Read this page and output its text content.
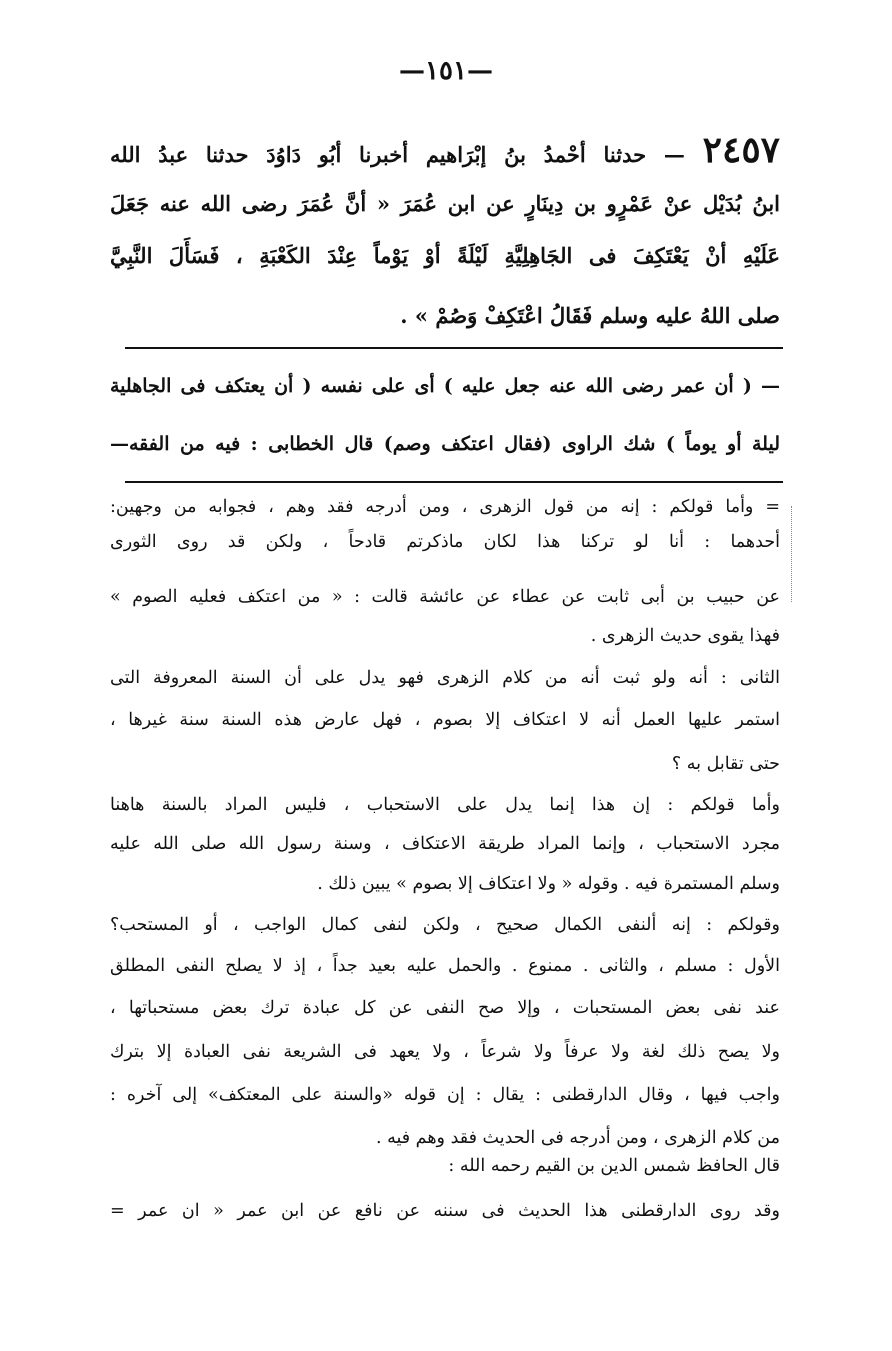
—١٥١—
٢٤٥٧ — حدثنا أحْمدُ بنُ إبْرَاهيم أخبرنا أبُو دَاوُدَ حدثنا عبدُ الله
ابنُ بُدَيْل عنْ عَمْرٍو بن دِينَارٍ عن ابن عُمَرَ « أنَّ عُمَرَ رضى الله عنه جَعَلَ
عَلَيْهِ أنْ يَعْتَكِفَ فى الجَاهِلِيَّةِ لَيْلَةً أوْ يَوْماً عِنْدَ الكَعْبَةِ ، فَسَأَلَ النَّبِيَّ
صلى اللهُ عليه وسلم فَقَالُ اعْتَكِفْ وَصُمْ » .
— ( أن عمر رضى الله عنه جعل عليه ) أى على نفسه ( أن يعتكف فى الجاهلية
ليلة أو يوماً ) شك الراوى (فقال اعتكف وصم) قال الخطابى : فيه من الفقه—
= وأما قولكم : إنه من قول الزهرى ، ومن أدرجه فقد وهم ، فجوابه من وجهين:
أحدهما : أنا لو تركنا هذا لكان ماذكرتم قادحاً ، ولكن قد روى الثورى
عن حبيب بن أبى ثابت عن عطاء عن عائشة قالت : « من اعتكف فعليه الصوم »
فهذا يقوى حديث الزهرى .
الثانى : أنه ولو ثبت أنه من كلام الزهرى فهو يدل على أن السنة المعروفة التى
استمر عليها العمل أنه لا اعتكاف إلا بصوم ، فهل عارض هذه السنة سنة غيرها ،
حتى تقابل به ؟
وأما قولكم : إن هذا إنما يدل على الاستحباب ، فليس المراد بالسنة هاهنا
مجرد الاستحباب ، وإنما المراد طريقة الاعتكاف ، وسنة رسول الله صلى الله عليه
وسلم المستمرة فيه . وقوله « ولا اعتكاف إلا بصوم » يبين ذلك .
وقولكم : إنه ألنفى الكمال صحيح ، ولكن لنفى كمال الواجب ، أو المستحب؟
الأول : مسلم ، والثانى . ممنوع . والحمل عليه بعيد جداً ، إذ لا يصلح النفى المطلق
عند نفى بعض المستحبات ، وإلا صح النفى عن كل عبادة ترك بعض مستحباتها ،
ولا يصح ذلك لغة ولا عرفاً ولا شرعاً ، ولا يعهد فى الشريعة نفى العبادة إلا بترك
واجب فيها ، وقال الدارقطنى : يقال : إن قوله «والسنة على المعتكف» إلى آخره :
من كلام الزهرى ، ومن أدرجه فى الحديث فقد وهم فيه .
قال الحافظ شمس الدين بن القيم رحمه الله :
وقد روى الدارقطنى هذا الحديث فى سننه عن نافع عن ابن عمر « ان عمر =
